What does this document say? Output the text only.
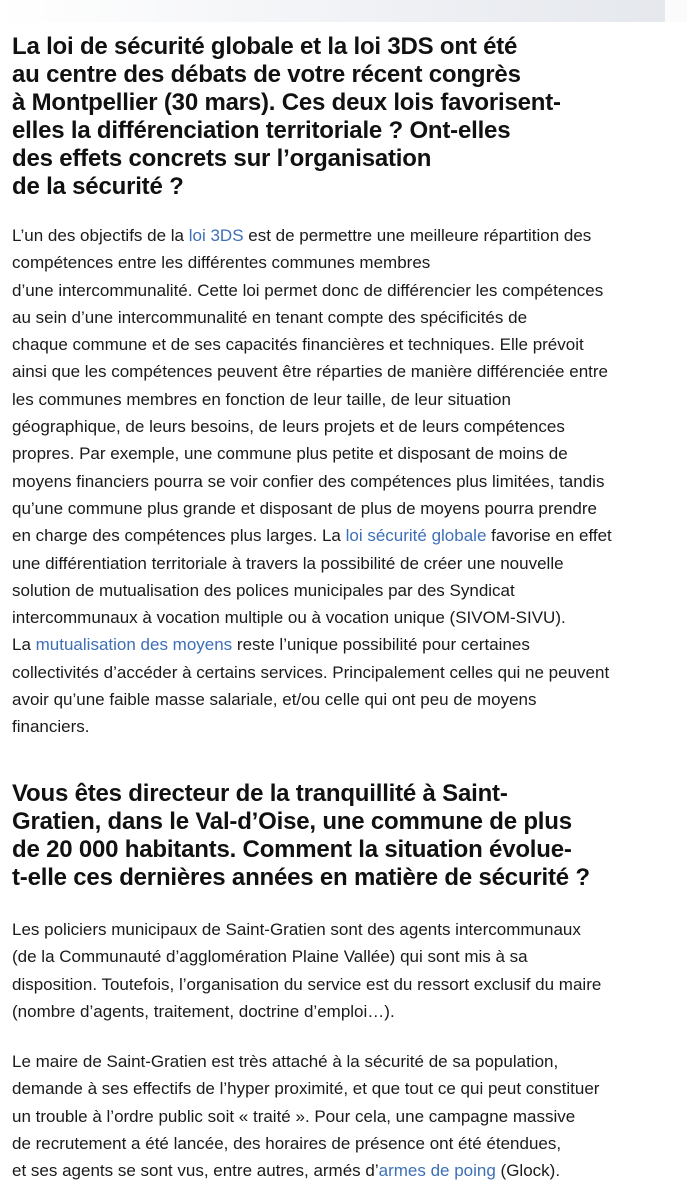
La loi de sécurité globale et la loi 3DS ont été
au centre des débats de votre récent congrès
à Montpellier (30 mars). Ces deux lois favorisent-
elles la différenciation territoriale ? Ont-elles
des effets concrets sur l’organisation
de la sécurité ?
L’un des objectifs de la loi 3DS est de permettre une meilleure répartition des
compétences entre les différentes communes membres
d’une intercommunalité. Cette loi permet donc de différencier les compétences
au sein d’une intercommunalité en tenant compte des spécificités de
chaque commune et de ses capacités financières et techniques. Elle prévoit
ainsi que les compétences peuvent être réparties de manière différenciée entre
les communes membres en fonction de leur taille, de leur situation
géographique, de leurs besoins, de leurs projets et de leurs compétences
propres. Par exemple, une commune plus petite et disposant de moins de
moyens financiers pourra se voir confier des compétences plus limitées, tandis
qu’une commune plus grande et disposant de plus de moyens pourra prendre
en charge des compétences plus larges. La loi sécurité globale favorise en effet
une différentiation territoriale à travers la possibilité de créer une nouvelle
solution de mutualisation des polices municipales par des Syndicat
intercommunaux à vocation multiple ou à vocation unique (SIVOM-SIVU).
La mutualisation des moyens reste l’unique possibilité pour certaines
collectivités d’accéder à certains services. Principalement celles qui ne peuvent
avoir qu’une faible masse salariale, et/ou celle qui ont peu de moyens
financiers.
Vous êtes directeur de la tranquillité à Saint-
Gratien, dans le Val-d’Oise, une commune de plus
de 20 000 habitants. Comment la situation évolue-
t-elle ces dernières années en matière de sécurité ?
Les policiers municipaux de Saint-Gratien sont des agents intercommunaux
(de la Communauté d’agglomération Plaine Vallée) qui sont mis à sa
disposition. Toutefois, l’organisation du service est du ressort exclusif du maire
(nombre d’agents, traitement, doctrine d’emploi…).
Le maire de Saint-Gratien est très attaché à la sécurité de sa population,
demande à ses effectifs de l’hyper proximité, et que tout ce qui peut constituer
un trouble à l’ordre public soit « traité ». Pour cela, une campagne massive
de recrutement a été lancée, des horaires de présence ont été étendues,
et ses agents se sont vus, entre autres, armés d’armes de poing (Glock).
